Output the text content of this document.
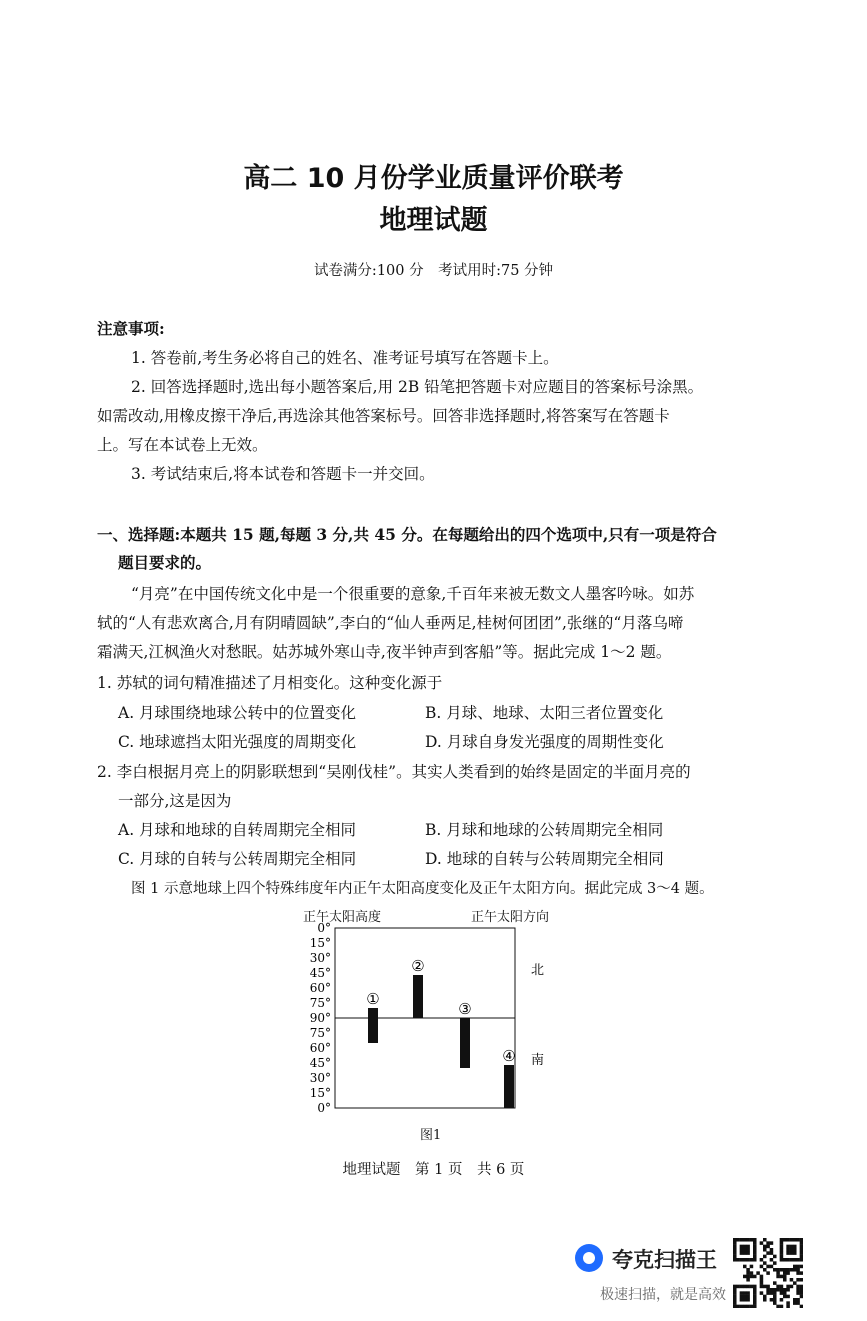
高二 10 月份学业质量评价联考
地理试题
试卷满分:100 分　考试用时:75 分钟
注意事项:
1. 答卷前,考生务必将自己的姓名、准考证号填写在答题卡上。
2. 回答选择题时,选出每小题答案后,用 2B 铅笔把答题卡对应题目的答案标号涂黑。
如需改动,用橡皮擦干净后,再选涂其他答案标号。回答非选择题时,将答案写在答题卡
上。写在本试卷上无效。
3. 考试结束后,将本试卷和答题卡一并交回。
一、选择题:本题共 15 题,每题 3 分,共 45 分。在每题给出的四个选项中,只有一项是符合
题目要求的。
“月亮”在中国传统文化中是一个很重要的意象,千百年来被无数文人墨客吟咏。如苏
轼的“人有悲欢离合,月有阴晴圆缺”,李白的“仙人垂两足,桂树何团团”,张继的“月落乌啼
霜满天,江枫渔火对愁眠。姑苏城外寒山寺,夜半钟声到客船”等。据此完成 1～2 题。
1. 苏轼的词句精准描述了月相变化。这种变化源于
A. 月球围绕地球公转中的位置变化	B. 月球、地球、太阳三者位置变化
C. 地球遮挡太阳光强度的周期变化	D. 月球自身发光强度的周期性变化
2. 李白根据月亮上的阴影联想到“吴刚伐桂”。其实人类看到的始终是固定的半面月亮的
一部分,这是因为
A. 月球和地球的自转周期完全相同	B. 月球和地球的公转周期完全相同
C. 月球的自转与公转周期完全相同	D. 地球的自转与公转周期完全相同
图 1 示意地球上四个特殊纬度年内正午太阳高度变化及正午太阳方向。据此完成 3～4 题。
正午太阳高度	正午太阳方向
北
南
0°
15°
30°
45°
60°
75°
90°
75°
60°
45°
30°
15°
0°
①
②
③
④
图1
地理试题　第 1 页　共 6 页
夸克扫描王
极速扫描，就是高效
